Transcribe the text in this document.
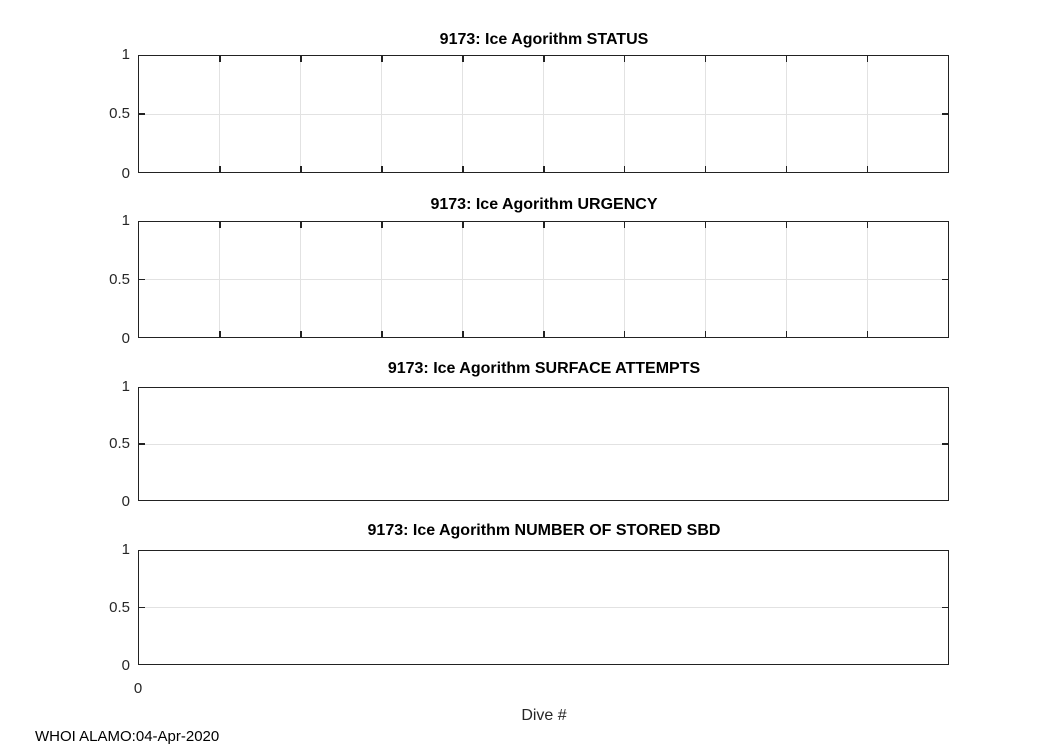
9173: Ice Agorithm STATUS
1
0.5
0
9173: Ice Agorithm URGENCY
1
0.5
0
9173: Ice Agorithm SURFACE ATTEMPTS
1
0.5
0
9173: Ice Agorithm NUMBER OF STORED SBD
1
0.5
0
0
Dive #
WHOI ALAMO:04-Apr-2020
